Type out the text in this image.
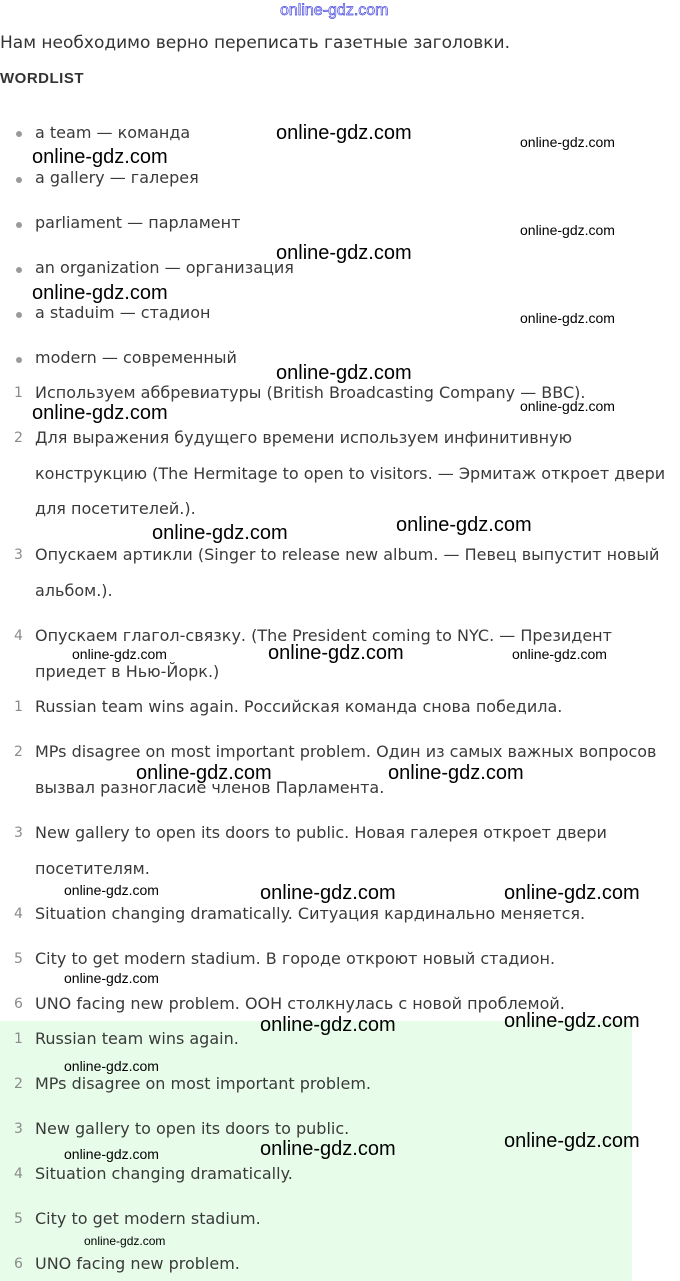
online-gdz.com
Нам необходимо верно переписать газетные заголовки.
WORDLIST
a team — команда
a gallery — галерея
parliament — парламент
an organization — организация
a staduim — стадион
modern — современный
1 Используем аббревиатуры (British Broadcasting Company — BBC).
2 Для выражения будущего времени используем инфинитивную
конструкцию (The Hermitage to open to visitors. — Эрмитаж откроет двери
для посетителей.).
3 Опускаем артикли (Singer to release new album. — Певец выпустит новый
альбом.).
4 Опускаем глагол-связку. (The President coming to NYC. — Президент
приедет в Нью-Йорк.)
1 Russian team wins again. Российская команда снова победила.
2 MPs disagree on most important problem. Один из самых важных вопросов
вызвал разногласие членов Парламента.
3 New gallery to open its doors to public. Новая галерея откроет двери
посетителям.
4 Situation changing dramatically. Ситуация кардинально меняется.
5 City to get modern stadium. В городе откроют новый стадион.
6 UNO facing new problem. ООН столкнулась с новой проблемой.
1 Russian team wins again.
2 MPs disagree on most important problem.
3 New gallery to open its doors to public.
4 Situation changing dramatically.
5 City to get modern stadium.
6 UNO facing new problem.
online-gdz.com	online-gdz.com
online-gdz.com
online-gdz.com
online-gdz.com
online-gdz.com
online-gdz.com
online-gdz.com
online-gdz.com
online-gdz.com
online-gdz.com	online-gdz.com
online-gdz.com	online-gdz.com	online-gdz.com
online-gdz.com	online-gdz.com
online-gdz.com	online-gdz.com	online-gdz.com
online-gdz.com
online-gdz.com	online-gdz.com
online-gdz.com
online-gdz.com	online-gdz.com
online-gdz.com
online-gdz.com
